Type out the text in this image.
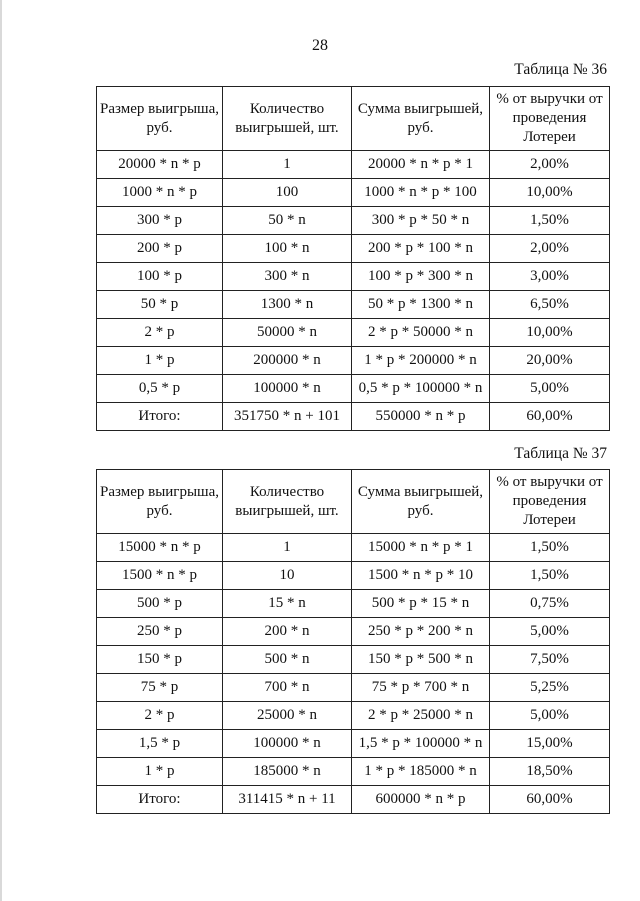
28
Таблица № 36
Размер выигрыша, руб.	Количество выигрышей, шт.	Сумма выигрышей, руб.	% от выручки от проведения Лотереи
20000 * n * p	1	20000 * n * p * 1	2,00%
1000 * n * p	100	1000 * n * p * 100	10,00%
300 * p	50 * n	300 * p * 50 * n	1,50%
200 * p	100 * n	200 * p * 100 * n	2,00%
100 * p	300 * n	100 * p * 300 * n	3,00%
50 * p	1300 * n	50 * p * 1300 * n	6,50%
2 * p	50000 * n	2 * p * 50000 * n	10,00%
1 * p	200000 * n	1 * p * 200000 * n	20,00%
0,5 * p	100000 * n	0,5 * p * 100000 * n	5,00%
Итого:	351750 * n + 101	550000 * n * p	60,00%
Таблица № 37
Размер выигрыша, руб.	Количество выигрышей, шт.	Сумма выигрышей, руб.	% от выручки от проведения Лотереи
15000 * n * p	1	15000 * n * p * 1	1,50%
1500 * n * p	10	1500 * n * p * 10	1,50%
500 * p	15 * n	500 * p * 15 * n	0,75%
250 * p	200 * n	250 * p * 200 * n	5,00%
150 * p	500 * n	150 * p * 500 * n	7,50%
75 * p	700 * n	75 * p * 700 * n	5,25%
2 * p	25000 * n	2 * p * 25000 * n	5,00%
1,5 * p	100000 * n	1,5 * p * 100000 * n	15,00%
1 * p	185000 * n	1 * p * 185000 * n	18,50%
Итого:	311415 * n + 11	600000 * n * p	60,00%
